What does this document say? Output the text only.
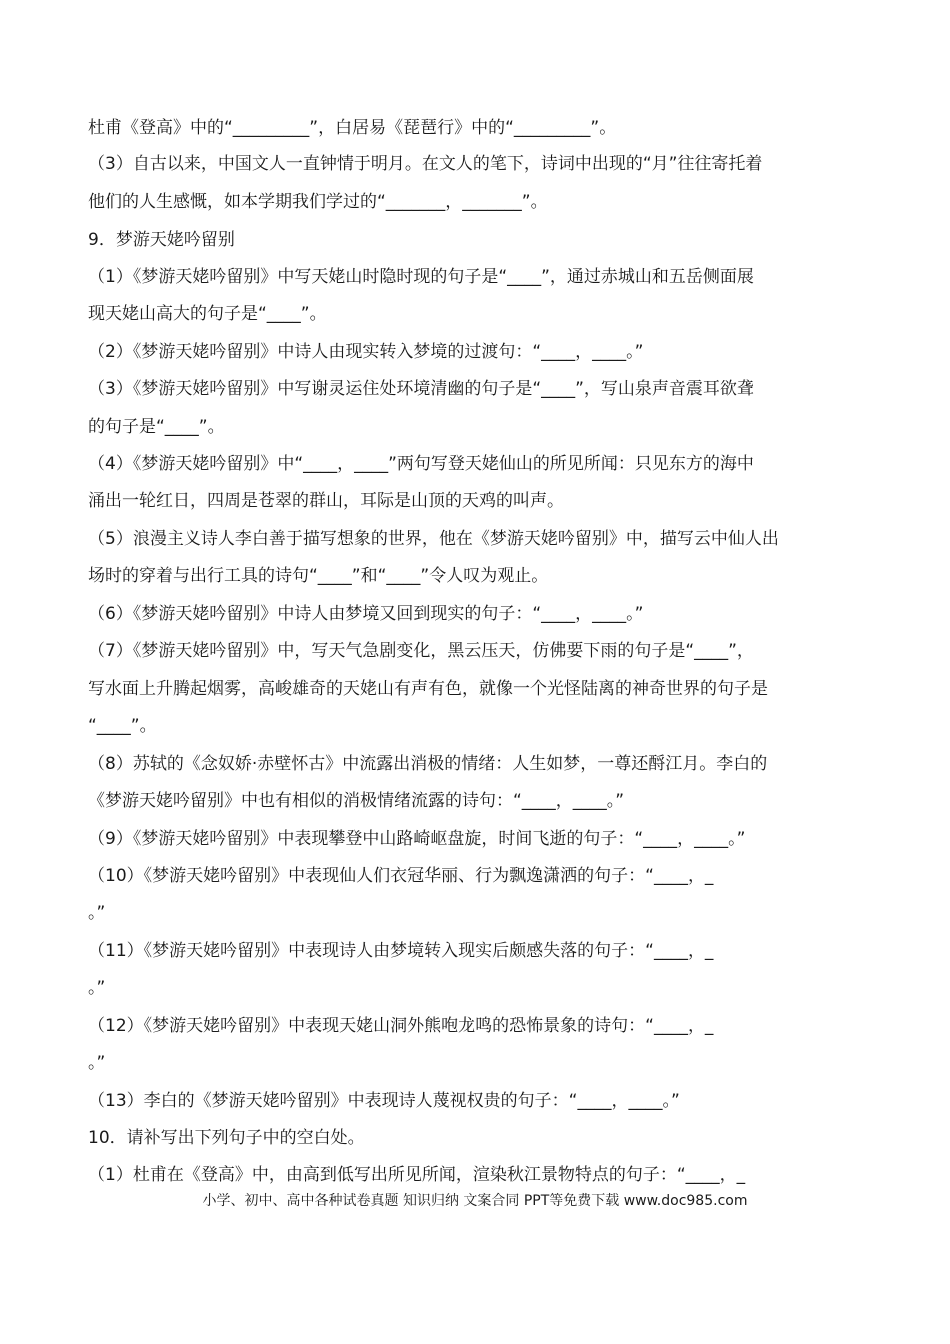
杜甫《登高》中的“_________”，白居易《琵琶行》中的“_________”。
（3）自古以来，中国文人一直钟情于明月。在文人的笔下，诗词中出现的“月”往往寄托着
他们的人生感慨，如本学期我们学过的“_______，_______”。
9．梦游天姥吟留别
（1）《梦游天姥吟留别》中写天姥山时隐时现的句子是“____”，通过赤城山和五岳侧面展
现天姥山高大的句子是“____”。
（2）《梦游天姥吟留别》中诗人由现实转入梦境的过渡句：“____，____。”
（3）《梦游天姥吟留别》中写谢灵运住处环境清幽的句子是“____”，写山泉声音震耳欲聋
的句子是“____”。
（4）《梦游天姥吟留别》中“____，____”两句写登天姥仙山的所见所闻：只见东方的海中
涌出一轮红日，四周是苍翠的群山，耳际是山顶的天鸡的叫声。
（5）浪漫主义诗人李白善于描写想象的世界，他在《梦游天姥吟留别》中，描写云中仙人出
场时的穿着与出行工具的诗句“____”和“____”令人叹为观止。
（6）《梦游天姥吟留别》中诗人由梦境又回到现实的句子：“____，____。”
（7）《梦游天姥吟留别》中，写天气急剧变化，黑云压天，仿佛要下雨的句子是“____”，
写水面上升腾起烟雾，高峻雄奇的天姥山有声有色，就像一个光怪陆离的神奇世界的句子是
“____”。
（8）苏轼的《念奴娇·赤壁怀古》中流露出消极的情绪：人生如梦，一尊还酹江月。李白的
《梦游天姥吟留别》中也有相似的消极情绪流露的诗句：“____，____。”
（9）《梦游天姥吟留别》中表现攀登中山路崎岖盘旋，时间飞逝的句子：“____，____。”
（10）《梦游天姥吟留别》中表现仙人们衣冠华丽、行为飘逸潇洒的句子：“____，_
。”
（11）《梦游天姥吟留别》中表现诗人由梦境转入现实后颇感失落的句子：“____，_
。”
（12）《梦游天姥吟留别》中表现天姥山洞外熊咆龙鸣的恐怖景象的诗句：“____，_
。”
（13）李白的《梦游天姥吟留别》中表现诗人蔑视权贵的句子：“____，____。”
10．请补写出下列句子中的空白处。
（1）杜甫在《登高》中，由高到低写出所见所闻，渲染秋江景物特点的句子：“____，_
小学、初中、高中各种试卷真题 知识归纳 文案合同 PPT等免费下载 www.doc985.com
